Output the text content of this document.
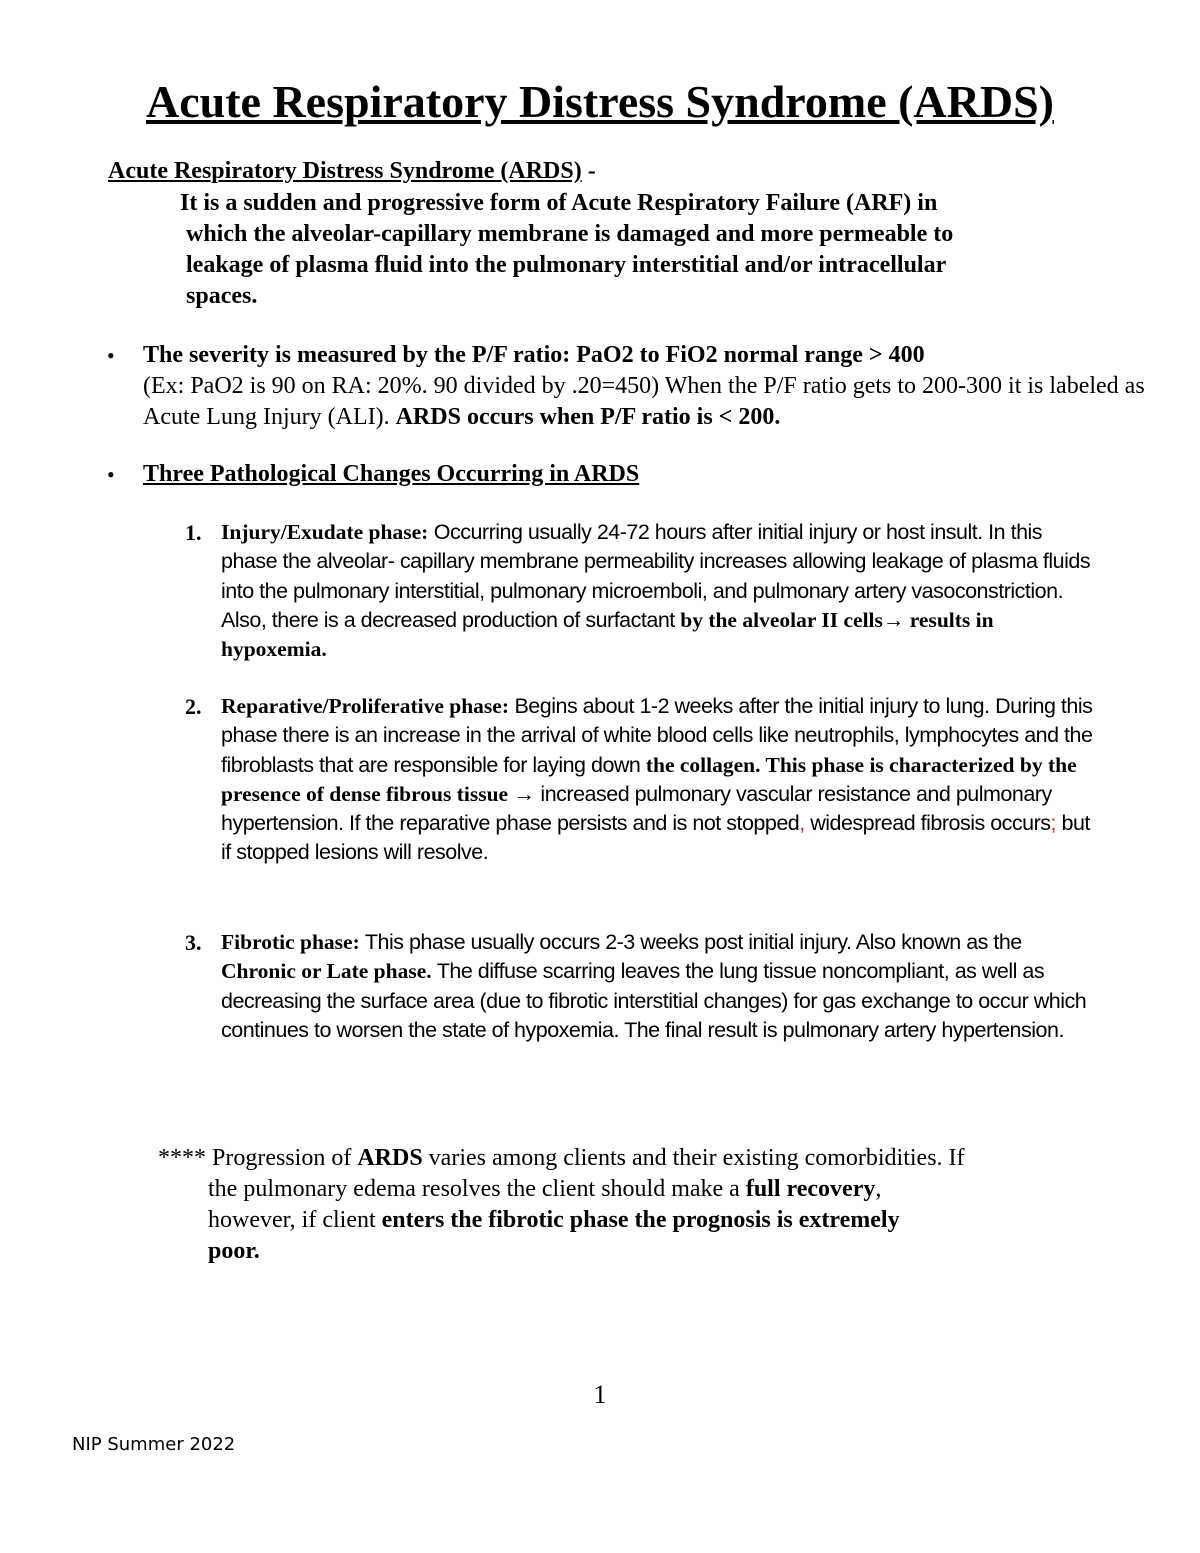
Acute Respiratory Distress Syndrome (ARDS)

Acute Respiratory Distress Syndrome (ARDS) -

It is a sudden and progressive form of Acute Respiratory Failure (ARF) in
which the alveolar-capillary membrane is damaged and more permeable to
leakage of plasma fluid into the pulmonary interstitial and/or intracellular
spaces.
• The severity is measured by the P/F ratio: PaO2 to FiO2 normal range > 400
(Ex: PaO2 is 90 on RA: 20%. 90 divided by .20=450) When the P/F ratio gets to 200-300 it is labeled as Acute Lung Injury (ALI). ARDS occurs when P/F ratio is < 200.
• Three Pathological Changes Occurring in ARDS
1. Injury/Exudate phase: Occurring usually 24-72 hours after initial injury or host insult. In this phase the alveolar- capillary membrane permeability increases allowing leakage of plasma fluids into the pulmonary interstitial, pulmonary microemboli, and pulmonary artery vasoconstriction. Also, there is a decreased production of surfactant by the alveolar II cells→ results in hypoxemia.
2. Reparative/Proliferative phase: Begins about 1-2 weeks after the initial injury to lung. During this phase there is an increase in the arrival of white blood cells like neutrophils, lymphocytes and the fibroblasts that are responsible for laying down the collagen. This phase is characterized by the presence of dense fibrous tissue → increased pulmonary vascular resistance and pulmonary hypertension. If the reparative phase persists and is not stopped, widespread fibrosis occurs; but if stopped lesions will resolve.
3. Fibrotic phase: This phase usually occurs 2-3 weeks post initial injury. Also known as the Chronic or Late phase. The diffuse scarring leaves the lung tissue noncompliant, as well as decreasing the surface area (due to fibrotic interstitial changes) for gas exchange to occur which continues to worsen the state of hypoxemia. The final result is pulmonary artery hypertension.

**** Progression of ARDS varies among clients and their existing comorbidities. If
the pulmonary edema resolves the client should make a full recovery,
however, if client enters the fibrotic phase the prognosis is extremely
poor.

1

NIP Summer 2022
